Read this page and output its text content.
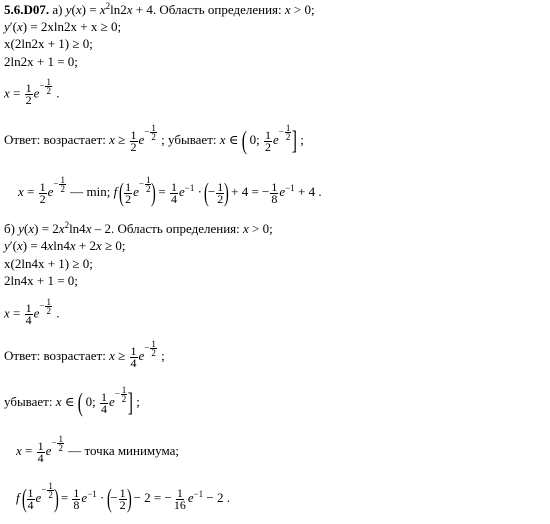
5.6.D07. а) $y(x) = x^2\ln 2x + 4$. Область определения: x > 0;
y′(x) = 2xln2x + x ≥ 0;
x(2ln2x + 1) ≥ 0;
2ln2x + 1 = 0;
$x = \frac{1}{2} e- \frac{1}{2}$ .
Ответ: возрастает: $x \ge \frac{1}{2} e- \frac{1}{2}$ ; убывает: x ∈ ( 0; $\frac{1}{2} e- \frac{1}{2}$ ] ;
$x = \frac{1}{2} e- \frac{1}{2}$ — min; f ( $\frac{1}{2} e- \frac{1}{2}$ ) = $\frac{1}{4} e^{-1}$ · (− $\frac{1}{2}$ ) + 4 = − $\frac{1}{8} e^{-1} + 4$ .
б) $y(x) = 2x^2\ln 4x - 2$. Область определения: x > 0;
y′(x) = 4xln4x + 2x ≥ 0;
x(2ln4x + 1) ≥ 0;
2ln4x + 1 = 0;
$x = \frac{1}{4} e- \frac{1}{2}$ .
Ответ: возрастает: $x \ge \frac{1}{4} e- \frac{1}{2}$ ;
убывает: x ∈ ( 0; $\frac{1}{4} e- \frac{1}{2}$ ] ;
$x = \frac{1}{4} e- \frac{1}{2}$ — точка минимума;
f ( $\frac{1}{4} e- \frac{1}{2}$ ) = $\frac{1}{8} e^{-1}$ · (− $\frac{1}{2}$ ) − 2 = − $\frac{1}{16} e^{-1} - 2$ .
